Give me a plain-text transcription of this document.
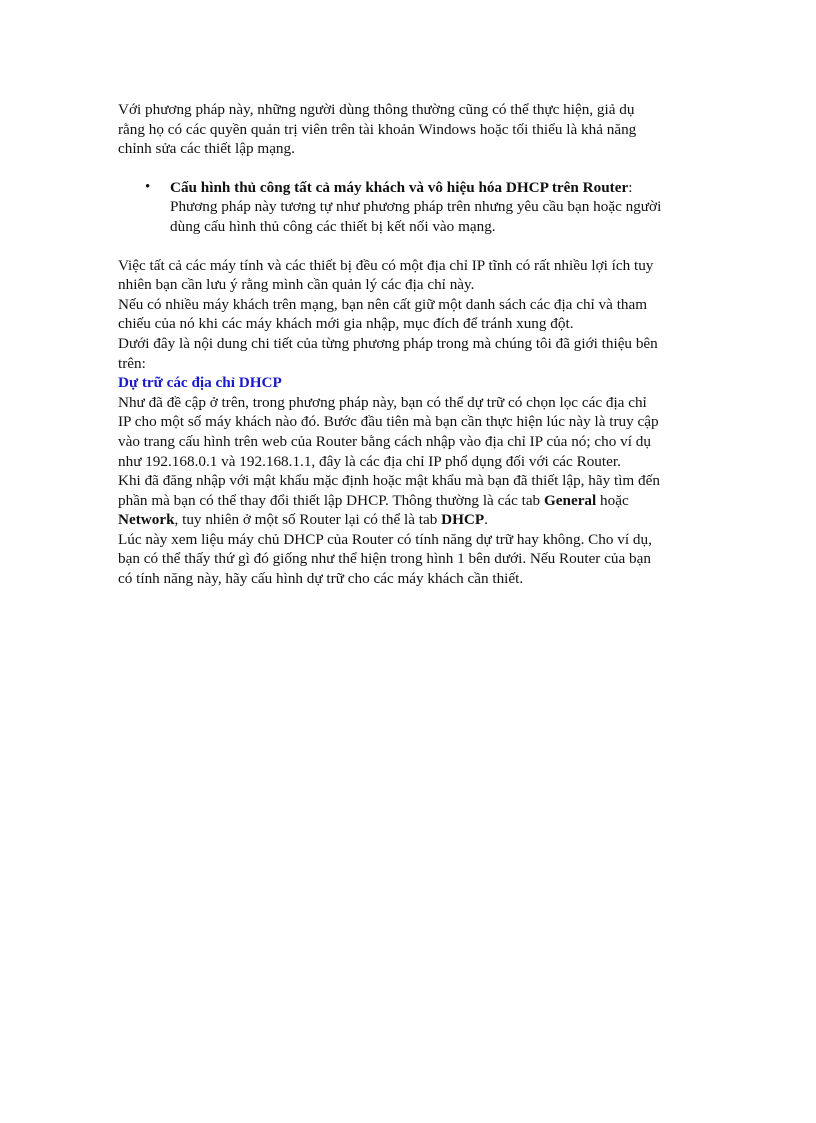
Với phương pháp này, những người dùng thông thường cũng có thể thực hiện, giả dụ
rằng họ có các quyền quản trị viên trên tài khoản Windows hoặc tối thiểu là khả năng
chỉnh sửa các thiết lập mạng.

• Cấu hình thủ công tất cả máy khách và vô hiệu hóa DHCP trên Router:
Phương pháp này tương tự như phương pháp trên nhưng yêu cầu bạn hoặc người
dùng cấu hình thủ công các thiết bị kết nối vào mạng.

Việc tất cả các máy tính và các thiết bị đều có một địa chỉ IP tĩnh có rất nhiều lợi ích tuy
nhiên bạn cần lưu ý rằng mình cần quản lý các địa chỉ này.
Nếu có nhiều máy khách trên mạng, bạn nên cất giữ một danh sách các địa chỉ và tham
chiếu của nó khi các máy khách mới gia nhập, mục đích để tránh xung đột.
Dưới đây là nội dung chi tiết của từng phương pháp trong mà chúng tôi đã giới thiệu bên
trên:

Dự trữ các địa chỉ DHCP
Như đã đề cập ở trên, trong phương pháp này, bạn có thể dự trữ có chọn lọc các địa chỉ
IP cho một số máy khách nào đó. Bước đầu tiên mà bạn cần thực hiện lúc này là truy cập
vào trang cấu hình trên web của Router bằng cách nhập vào địa chỉ IP của nó; cho ví dụ
như 192.168.0.1 và 192.168.1.1, đây là các địa chỉ IP phổ dụng đối với các Router.
Khi đã đăng nhập với mật khẩu mặc định hoặc mật khẩu mà bạn đã thiết lập, hãy tìm đến
phần mà bạn có thể thay đổi thiết lập DHCP. Thông thường là các tab General hoặc
Network, tuy nhiên ở một số Router lại có thể là tab DHCP.
Lúc này xem liệu máy chủ DHCP của Router có tính năng dự trữ hay không. Cho ví dụ,
bạn có thể thấy thứ gì đó giống như thể hiện trong hình 1 bên dưới. Nếu Router của bạn
có tính năng này, hãy cấu hình dự trữ cho các máy khách cần thiết.
